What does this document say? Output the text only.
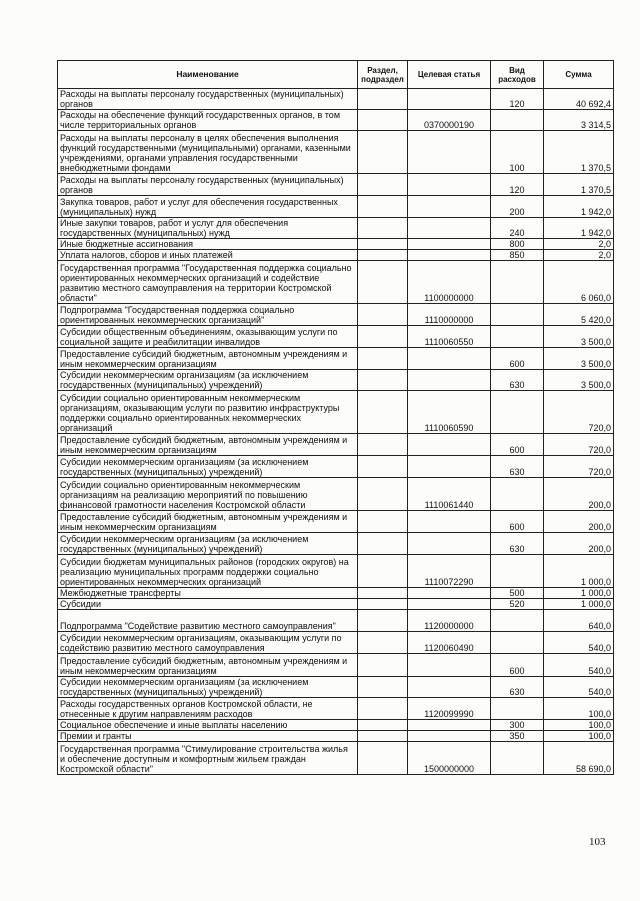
Наименование	Раздел, подраздел	Целевая статья	Вид расходов	Сумма
Расходы на выплаты персоналу государственных (муниципальных) органов			120	40 692,4
Расходы на обеспечение функций государственных органов, в том числе территориальных органов		0370000190		3 314,5
Расходы на выплаты персоналу в целях обеспечения выполнения функций государственными (муниципальными) органами, казенными учреждениями, органами управления государственными внебюджетными фондами			100	1 370,5
Расходы на выплаты персоналу государственных (муниципальных) органов			120	1 370,5
Закупка товаров, работ и услуг для обеспечения государственных (муниципальных) нужд			200	1 942,0
Иные закупки товаров, работ и услуг для обеспечения государственных (муниципальных) нужд			240	1 942,0
Иные бюджетные ассигнования			800	2,0
Уплата налогов, сборов и иных платежей			850	2,0
Государственная программа "Государственная поддержка социально ориентированных некоммерческих организаций и содействие развитию местного самоуправления на территории Костромской области"		1100000000		6 060,0
Подпрограмма "Государственная поддержка социально ориентированных некоммерческих организаций"		1110000000		5 420,0
Субсидии общественным объединениям, оказывающим услуги по социальной защите и реабилитации инвалидов		1110060550		3 500,0
Предоставление субсидий бюджетным, автономным учреждениям и иным некоммерческим организациям			600	3 500,0
Субсидии некоммерческим организациям (за исключением государственных (муниципальных) учреждений)			630	3 500,0
Субсидии социально ориентированным некоммерческим организациям, оказывающим услуги по развитию инфраструктуры поддержки социально ориентированных некоммерческих организаций		1110060590		720,0
Предоставление субсидий бюджетным, автономным учреждениям и иным некоммерческим организациям			600	720,0
Субсидии некоммерческим организациям (за исключением государственных (муниципальных) учреждений)			630	720,0
Субсидии социально ориентированным некоммерческим организациям на реализацию мероприятий по повышению финансовой грамотности населения Костромской области		1110061440		200,0
Предоставление субсидий бюджетным, автономным учреждениям и иным некоммерческим организациям			600	200,0
Субсидии некоммерческим организациям (за исключением государственных (муниципальных) учреждений)			630	200,0
Субсидии бюджетам муниципальных районов (городских округов) на реализацию муниципальных программ поддержки социально ориентированных некоммерческих организаций		1110072290		1 000,0
Межбюджетные трансферты			500	1 000,0
Субсидии			520	1 000,0
Подпрограмма "Содействие развитию местного самоуправления"		1120000000		640,0
Субсидии некоммерческим организациям, оказывающим услуги по содействию развитию местного самоуправления		1120060490		540,0
Предоставление субсидий бюджетным, автономным учреждениям и иным некоммерческим организациям			600	540,0
Субсидии некоммерческим организациям (за исключением государственных (муниципальных) учреждений)			630	540,0
Расходы государственных органов Костромской области, не отнесенные к другим направлениям расходов		1120099990		100,0
Социальное обеспечение и иные выплаты населению			300	100,0
Премии и гранты			350	100,0
Государственная программа "Стимулирование строительства жилья и обеспечение доступным и комфортным жильем граждан Костромской области"		1500000000		58 690,0
103
